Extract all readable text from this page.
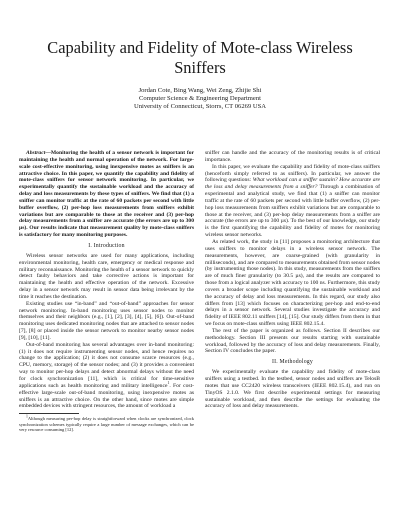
Capability and Fidelity of Mote-class Wireless Sniffers
Jordan Cote, Bing Wang, Wei Zeng, Zhijie Shi
Computer Science & Engineering Department
University of Connecticut, Storrs, CT 06269 USA

Abstract—Monitoring the health of a sensor network is important for maintaining the health and normal operation of the network. For large-scale cost-effective monitoring, using inexpensive motes as sniffers is an attractive choice. In this paper, we quantify the capability and fidelity of mote-class sniffers for sensor network monitoring. In particular, we experimentally quantify the sustainable workload and the accuracy of delay and loss measurements by these types of sniffers. We find that (1) a sniffer can monitor traffic at the rate of 60 packets per second with little buffer overflow, (2) per-hop loss measurements from sniffers exhibit variations but are comparable to those at the receiver and (3) per-hop delay measurements from a sniffer are accurate (the errors are up to 300 µs). Our results indicate that measurement quality by mote-class sniffers is satisfactory for many monitoring purposes.

I. Introduction

Wireless sensor networks are used for many applications, including environmental monitoring, health care, emergency or medical response and military reconnaissance. Monitoring the health of a sensor network to quickly detect faulty behaviors and take corrective actions is important for maintaining the health and effective operation of the network. Excessive delay in a sensor network may result in sensor data being irrelevant by the time it reaches the destination.

Existing studies use “in-band” and “out-of-band” approaches for sensor network monitoring. In-band monitoring uses sensor nodes to monitor themselves and their neighbors (e.g., [1], [2], [3], [4], [5], [6]). Out-of-band monitoring uses dedicated monitoring nodes that are attached to sensor nodes [7], [8] or placed inside the sensor network to monitor nearby sensor nodes [9], [10], [11].

Out-of-band monitoring has several advantages over in-band monitoring: (1) it does not require instrumenting sensor nodes, and hence requires no change to the application; (2) it does not consume scarce resources (e.g., CPU, memory, storage) of the sensor nodes; and (3) it provides a convenient way to monitor per-hop delays and detect abnormal delays without the need for clock synchronization [11], which is critical for time-sensitive applications such as health monitoring and military intelligence$^1$. For cost-effective large-scale out-of-band monitoring, using inexpensive motes as sniffers is an attractive choice. On the other hand, since motes are simple embedded devices with stringent resources, the amount of workload a

$^1$Although measuring per-hop delay is straightforward when clocks are synchronized, clock synchronization schemes typically require a large number of message exchanges, which can be very resource consuming [12].

sniffer can handle and the accuracy of the monitoring results is of critical importance.

In this paper, we evaluate the capability and fidelity of mote-class sniffers (henceforth simply referred to as sniffers). In particular, we answer the following questions: What workload can a sniffer sustain? How accurate are the loss and delay measurements from a sniffer? Through a combination of experimental and analytical study, we find that (1) a sniffer can monitor traffic at the rate of 60 packets per second with little buffer overflow, (2) per-hop loss measurements from sniffers exhibit variations but are comparable to those at the receiver, and (3) per-hop delay measurements from a sniffer are accurate (the errors are up to 300 µs). To the best of our knowledge, our study is the first quantifying the capability and fidelity of motes for monitoring wireless sensor networks.

As related work, the study in [11] proposes a monitoring architecture that uses sniffers to monitor delays in a wireless sensor network. The measurements, however, are coarse-grained (with granularity in milliseconds), and are compared to measurements obtained from sensor nodes (by instrumenting those nodes). In this study, measurements from the sniffers are of much finer granularity (to 30.5 µs), and the results are compared to those from a logical analyzer with accuracy to 100 ns. Furthermore, this study covers a broader scope including quantifying the sustainable workload and the accuracy of delay and loss measurements. In this regard, our study also differs from [13] which focuses on characterizing per-hop and end-to-end delays in a sensor network. Several studies investigate the accuracy and fidelity of IEEE 802.11 sniffers [14], [15]. Our study differs from them in that we focus on mote-class sniffers using IEEE 802.15.4.

The rest of the paper is organized as follows. Section II describes our methodology. Section III presents our results starting with sustainable workload, followed by the accuracy of loss and delay measurements. Finally, Section IV concludes the paper.

II. Methodology

We experimentally evaluate the capability and fidelity of mote-class sniffers using a testbed. In the testbed, sensor nodes and sniffers are TelosB motes that use CC2420 wireless transceivers (IEEE 802.15.4), and run on TinyOS 2.1.0. We first describe experimental settings for measuring sustainable workload, and then describe the settings for evaluating the accuracy of loss and delay measurements.
